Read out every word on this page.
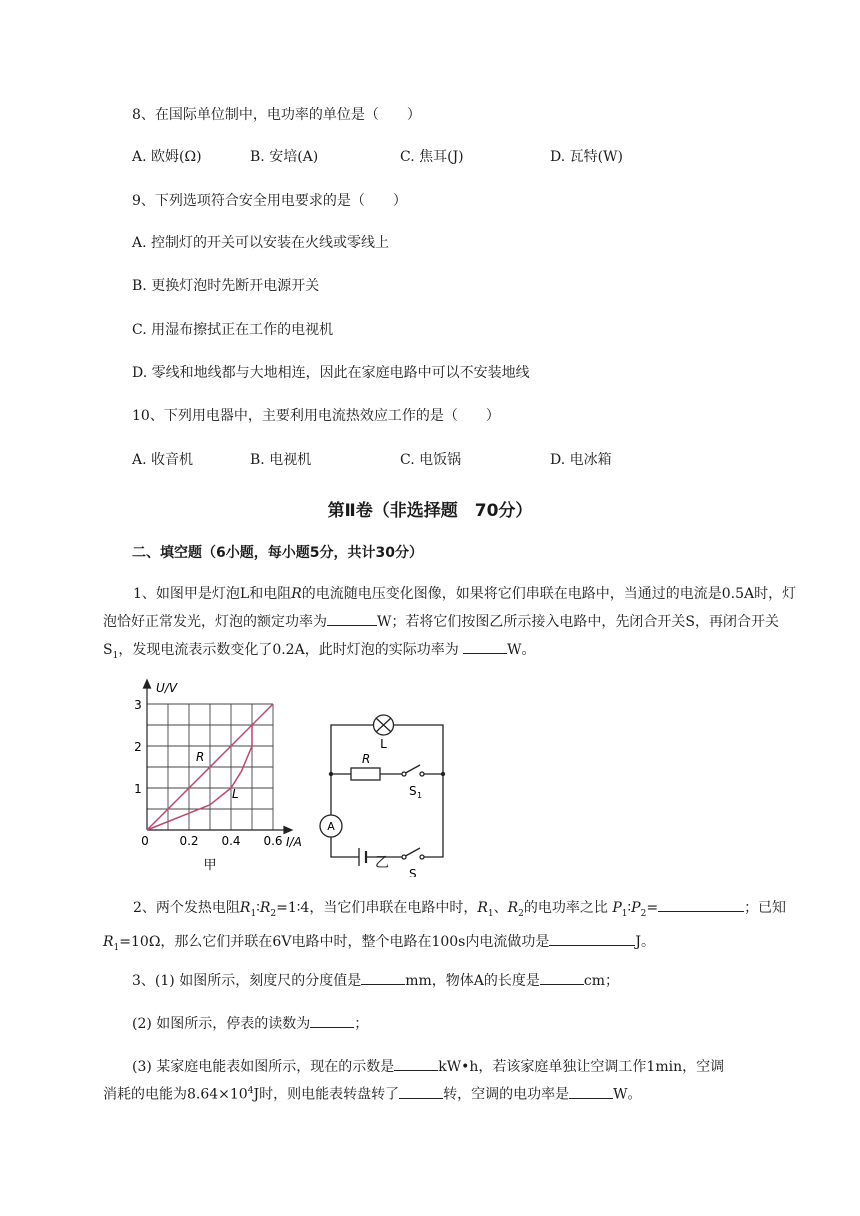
8、在国际单位制中，电功率的单位是（　　）
A. 欧姆(Ω)	B. 安培(A)	C. 焦耳(J)	D. 瓦特(W)
9、下列选项符合安全用电要求的是（　　）
A. 控制灯的开关可以安装在火线或零线上
B. 更换灯泡时先断开电源开关
C. 用湿布擦拭正在工作的电视机
D. 零线和地线都与大地相连，因此在家庭电路中可以不安装地线
10、下列用电器中，主要利用电流热效应工作的是（　　）
A. 收音机	B. 电视机	C. 电饭锅	D. 电冰箱
第Ⅱ卷（非选择题　70分）
二、填空题（6小题，每小题5分，共计30分）
1、如图甲是灯泡L和电阻R的电流随电压变化图像，如果将它们串联在电路中，当通过的电流是0.5A时，灯泡恰好正常发光，灯泡的额定功率为	W；若将它们按图乙所示接入电路中，先闭合开关S，再闭合开关$S_1$，发现电流表示数变化了0.2A，此时灯泡的实际功率为	W。
U/V
I/A
3
2
1
0	0.2 0.4 0.6
R
L
甲
L
R
A
S 1
S
乙
2、两个发热电阻$R_1∶R_2=1∶4$，当它们串联在电路中时，$R_1$、$R_2$的电功率之比 $P_1∶P_2=$	；已知 $R_1=10\Omega$，那么它们并联在6V电路中时，整个电路在100s内电流做功是	J。
3、(1) 如图所示，刻度尺的分度值是	mm，物体A的长度是	cm；
(2) 如图所示，停表的读数为	；
(3) 某家庭电能表如图所示，现在的示数是	kW•h，若该家庭单独让空调工作1min，空调
消耗的电能为$8.64\times 10^4J$时，则电能表转盘转了	转，空调的电功率是	W。
